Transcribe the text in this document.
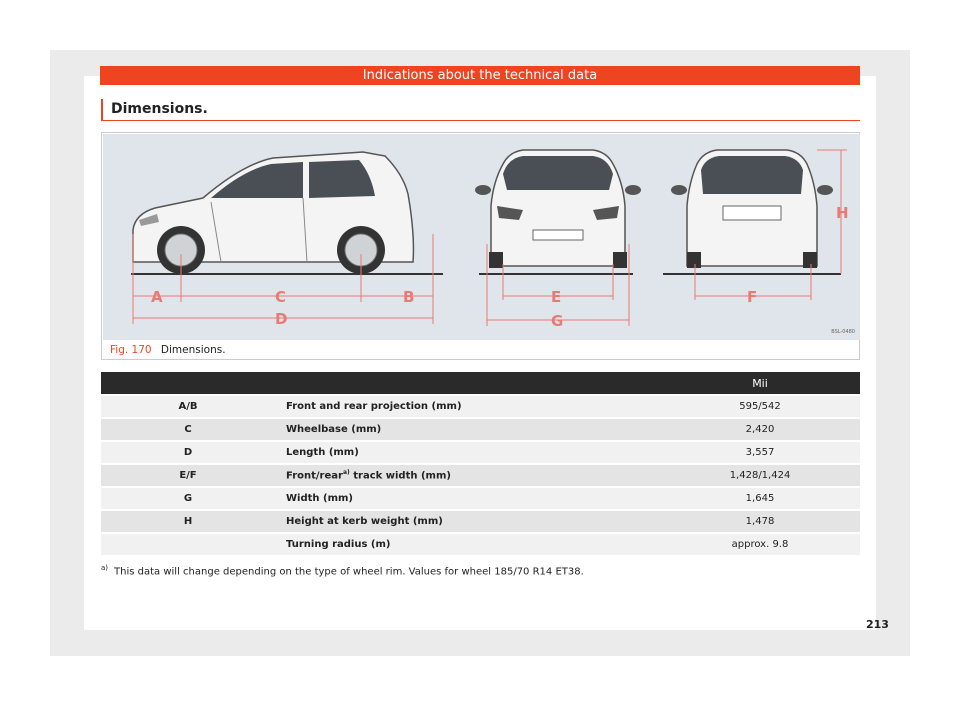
Indications about the technical data
Dimensions.
A	B
C
D
E	F
G
H
BSL-0480
Fig. 170 Dimensions.
		Mii
A/B	Front and rear projection (mm)	595/542
C	Wheelbase (mm)	2,420
D	Length (mm)	3,557
E/F	Front/rear$^{a)}$ track width (mm)	1,428/1,424
G	Width (mm)	1,645
H	Height at kerb weight (mm)	1,478
	Turning radius (m)	approx. 9.8
$^{a)}$ This data will change depending on the type of wheel rim. Values for wheel 185/70 R14 ET38.
213
